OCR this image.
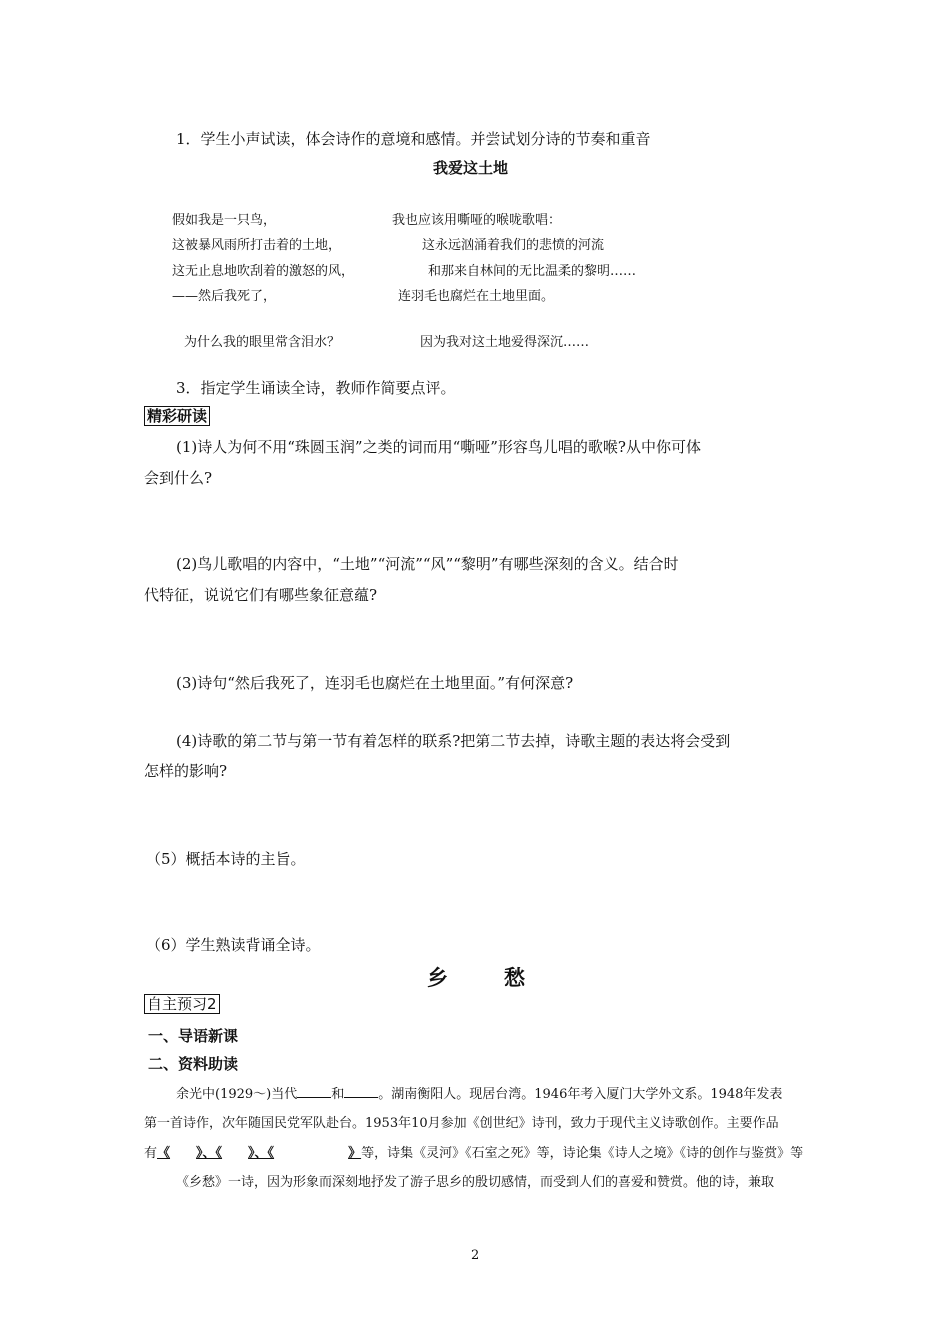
1．学生小声试读，体会诗作的意境和感情。并尝试划分诗的节奏和重音
我爱这土地
假如我是一只鸟，	我也应该用嘶哑的喉咙歌唱：
这被暴风雨所打击着的土地，	这永远汹涌着我们的悲愤的河流
这无止息地吹刮着的激怒的风，	和那来自林间的无比温柔的黎明……
——然后我死了，	连羽毛也腐烂在土地里面。
为什么我的眼里常含泪水？	因为我对这土地爱得深沉……
3．指定学生诵读全诗，教师作简要点评。
精彩研读
(1)诗人为何不用“珠圆玉润”之类的词而用“嘶哑”形容鸟儿唱的歌喉?从中你可体
会到什么?
(2)鸟儿歌唱的内容中，“土地”“河流”“风”“黎明”有哪些深刻的含义。结合时
代特征，说说它们有哪些象征意蕴?
(3)诗句“然后我死了，连羽毛也腐烂在土地里面。”有何深意?
(4)诗歌的第二节与第一节有着怎样的联系?把第二节去掉，诗歌主题的表达将会受到
怎样的影响?
（5）概括本诗的主旨。
（6）学生熟读背诵全诗。
乡	愁
自主预习2
一、导语新课
二、资料助读
余光中(1929～)当代	和	。湖南衡阳人。现居台湾。1946年考入厦门大学外文系。1948年发表
第一首诗作，次年随国民党军队赴台。1953年10月参加《创世纪》诗刊，致力于现代主义诗歌创作。主要作品
有《 》、《 》、《	》等，诗集《灵河》《石室之死》等，诗论集《诗人之境》《诗的创作与鉴赏》等
《乡愁》一诗，因为形象而深刻地抒发了游子思乡的殷切感情，而受到人们的喜爱和赞赏。他的诗，兼取
2
